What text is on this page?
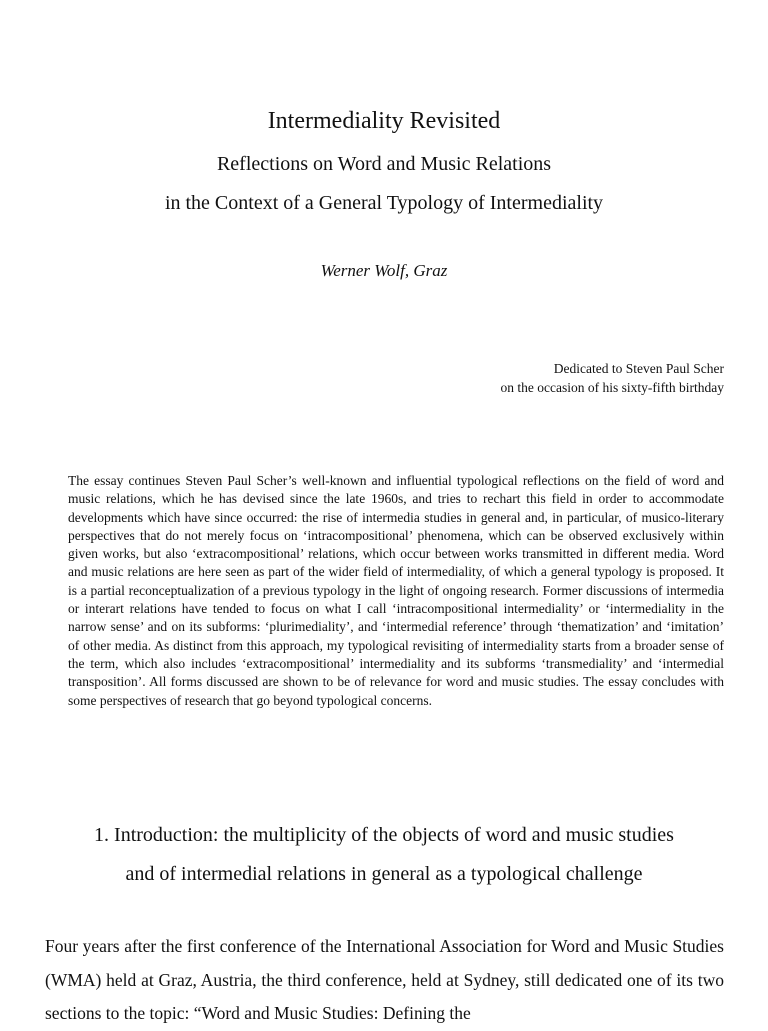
Intermediality Revisited
Reflections on Word and Music Relations
in the Context of a General Typology of Intermediality
Werner Wolf, Graz
Dedicated to Steven Paul Scher
on the occasion of his sixty-fifth birthday
The essay continues Steven Paul Scher’s well-known and influential typological reflections on the field of word and music relations, which he has devised since the late 1960s, and tries to rechart this field in order to accommodate developments which have since occurred: the rise of intermedia studies in general and, in particular, of musico-literary perspectives that do not merely focus on ‘intracompositional’ phenomena, which can be observed exclusively within given works, but also ‘extracompositional’ relations, which occur between works transmitted in different media. Word and music relations are here seen as part of the wider field of intermediality, of which a general typology is proposed. It is a partial reconceptualization of a previous typology in the light of ongoing research. Former discussions of intermedia or interart relations have tended to focus on what I call ‘intracompositional intermediality’ or ‘intermediality in the narrow sense’ and on its subforms: ‘plurimediality’, and ‘intermedial reference’ through ‘thematization’ and ‘imitation’ of other media. As distinct from this approach, my typological revisiting of intermediality starts from a broader sense of the term, which also includes ‘extracompositional’ intermediality and its subforms ‘transmediality’ and ‘intermedial transposition’. All forms discussed are shown to be of relevance for word and music studies. The essay concludes with some perspectives of research that go beyond typological concerns.
1. Introduction: the multiplicity of the objects of word and music studies
and of intermedial relations in general as a typological challenge
Four years after the first conference of the International Association for Word and Music Studies (WMA) held at Graz, Austria, the third conference, held at Sydney, still dedicated one of its two sections to the topic: “Word and Music Studies: Defining the
